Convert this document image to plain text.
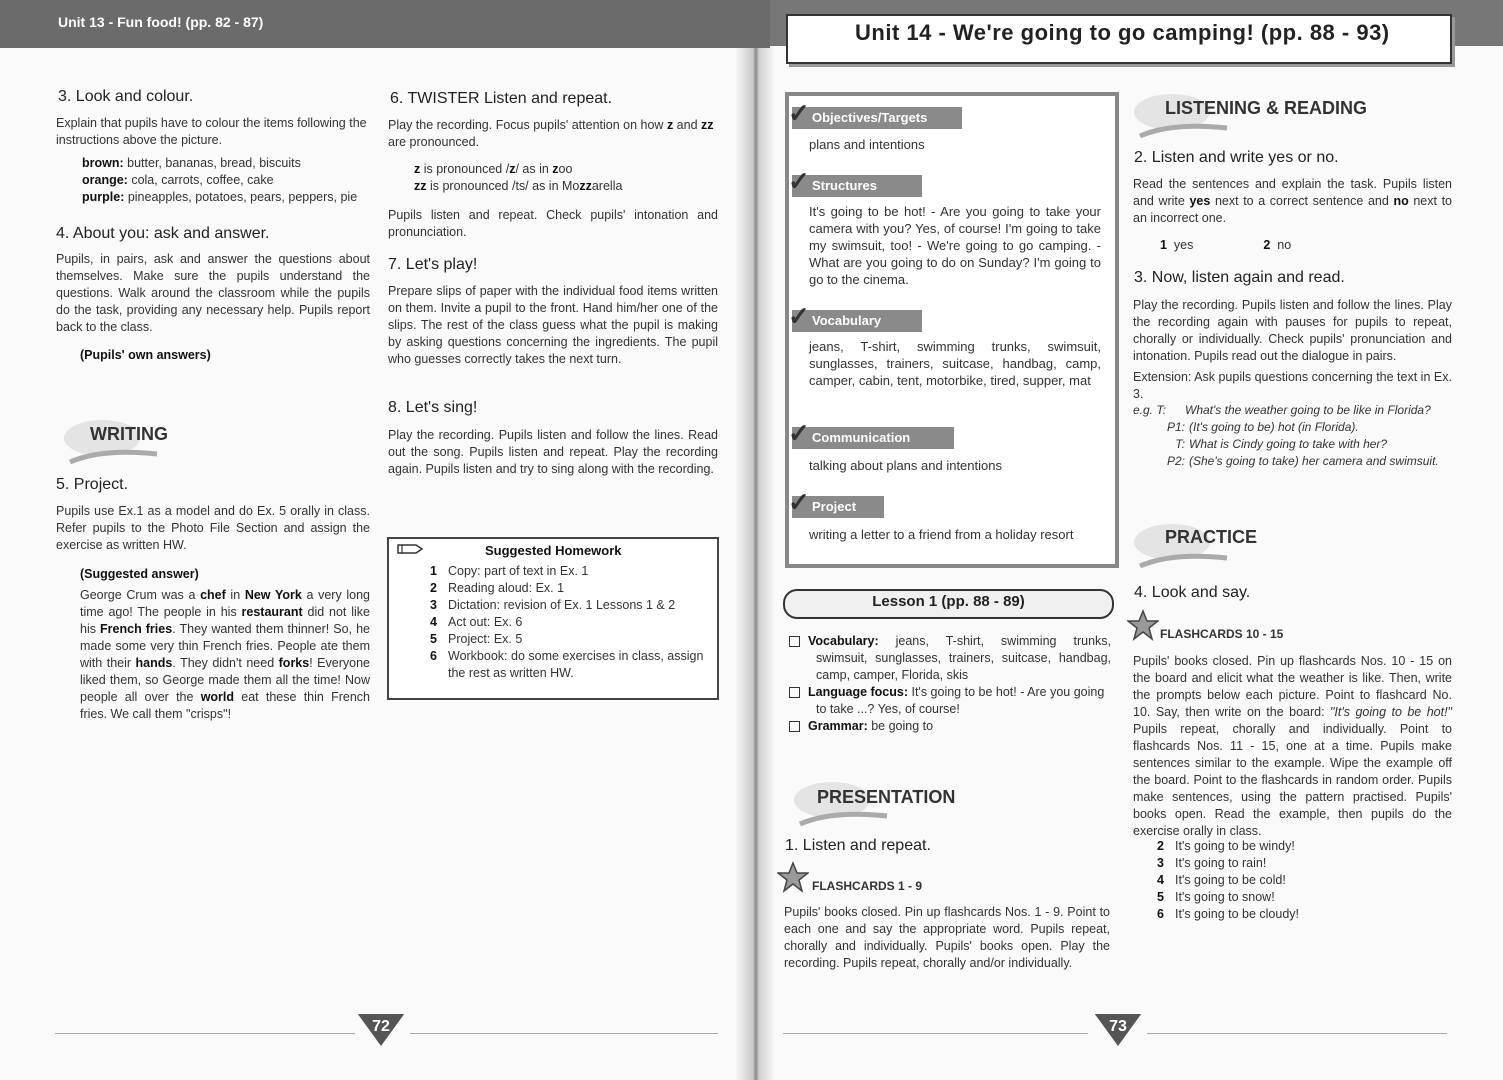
Unit 13 - Fun food! (pp. 82 - 87)	Unit 14 - We're going to go camping! (pp. 88 - 93)
3. Look and colour.
Explain that pupils have to colour the items following the instructions above the picture.
brown: butter, bananas, bread, biscuits
orange: cola, carrots, coffee, cake
purple: pineapples, potatoes, pears, peppers, pie
4. About you: ask and answer.
Pupils, in pairs, ask and answer the questions about themselves. Make sure the pupils understand the questions. Walk around the classroom while the pupils do the task, providing any necessary help. Pupils report back to the class.
(Pupils' own answers)
WRITING
5. Project.
Pupils use Ex.1 as a model and do Ex. 5 orally in class. Refer pupils to the Photo File Section and assign the exercise as written HW.
(Suggested answer)
George Crum was a chef in New York a very long time ago! The people in his restaurant did not like his French fries. They wanted them thinner! So, he made some very thin French fries. People ate them with their hands. They didn't need forks! Everyone liked them, so George made them all the time! Now people all over the world eat these thin French fries. We call them "crisps"!
6. TWISTER Listen and repeat.
Play the recording. Focus pupils' attention on how z and zz are pronounced.
z is pronounced /z/ as in zoo
zz is pronounced /ts/ as in Mozzarella
Pupils listen and repeat. Check pupils' intonation and pronunciation.
7. Let's play!
Prepare slips of paper with the individual food items written on them. Invite a pupil to the front. Hand him/her one of the slips. The rest of the class guess what the pupil is making by asking questions concerning the ingredients. The pupil who guesses correctly takes the next turn.
8. Let's sing!
Play the recording. Pupils listen and follow the lines. Read out the song. Pupils listen and repeat. Play the recording again. Pupils listen and try to sing along with the recording.
Suggested Homework
1 Copy: part of text in Ex. 1
2 Reading aloud: Ex. 1
3 Dictation: revision of Ex. 1 Lessons 1 & 2
4 Act out: Ex. 6
5 Project: Ex. 5
6 Workbook: do some exercises in class, assign the rest as written HW.
72
Objectives/Targets
✓
plans and intentions
Structures
✓
It's going to be hot! - Are you going to take your camera with you? Yes, of course! I'm going to take my swimsuit, too! - We're going to go camping. - What are you going to do on Sunday? I'm going to go to the cinema.
Vocabulary
✓
jeans, T-shirt, swimming trunks, swimsuit, sunglasses, trainers, suitcase, handbag, camp, camper, cabin, tent, motorbike, tired, supper, mat
Communication
✓
talking about plans and intentions
Project
✓
writing a letter to a friend from a holiday resort
Lesson 1 (pp. 88 - 89)
Vocabulary: jeans, T-shirt, swimming trunks, swimsuit, sunglasses, trainers, suitcase, handbag, camp, camper, Florida, skis
Language focus: It's going to be hot! - Are you going to take ...? Yes, of course!
Grammar: be going to
PRESENTATION
1. Listen and repeat.
FLASHCARDS 1 - 9
Pupils' books closed. Pin up flashcards Nos. 1 - 9. Point to each one and say the appropriate word. Pupils repeat, chorally and individually. Pupils' books open. Play the recording. Pupils repeat, chorally and/or individually.
LISTENING & READING
2. Listen and write yes or no.
Read the sentences and explain the task. Pupils listen and write yes next to a correct sentence and no next to an incorrect one.
1 yes	2 no
3. Now, listen again and read.
Play the recording. Pupils listen and follow the lines. Play the recording again with pauses for pupils to repeat, chorally or individually. Check pupils' pronunciation and intonation. Pupils read out the dialogue in pairs.
Extension: Ask pupils questions concerning the text in Ex. 3.
e.g. T: What's the weather going to be like in Florida?
P1: (It's going to be) hot (in Florida).
T: What is Cindy going to take with her?
P2: (She's going to take) her camera and swimsuit.
PRACTICE
4. Look and say.
FLASHCARDS 10 - 15
Pupils' books closed. Pin up flashcards Nos. 10 - 15 on the board and elicit what the weather is like. Then, write the prompts below each picture. Point to flashcard No. 10. Say, then write on the board: "It's going to be hot!" Pupils repeat, chorally and individually. Point to flashcards Nos. 11 - 15, one at a time. Pupils make sentences similar to the example. Wipe the example off the board. Point to the flashcards in random order. Pupils make sentences, using the pattern practised. Pupils' books open. Read the example, then pupils do the exercise orally in class.
2 It's going to be windy!
3 It's going to rain!
4 It's going to be cold!
5 It's going to snow!
6 It's going to be cloudy!
73
